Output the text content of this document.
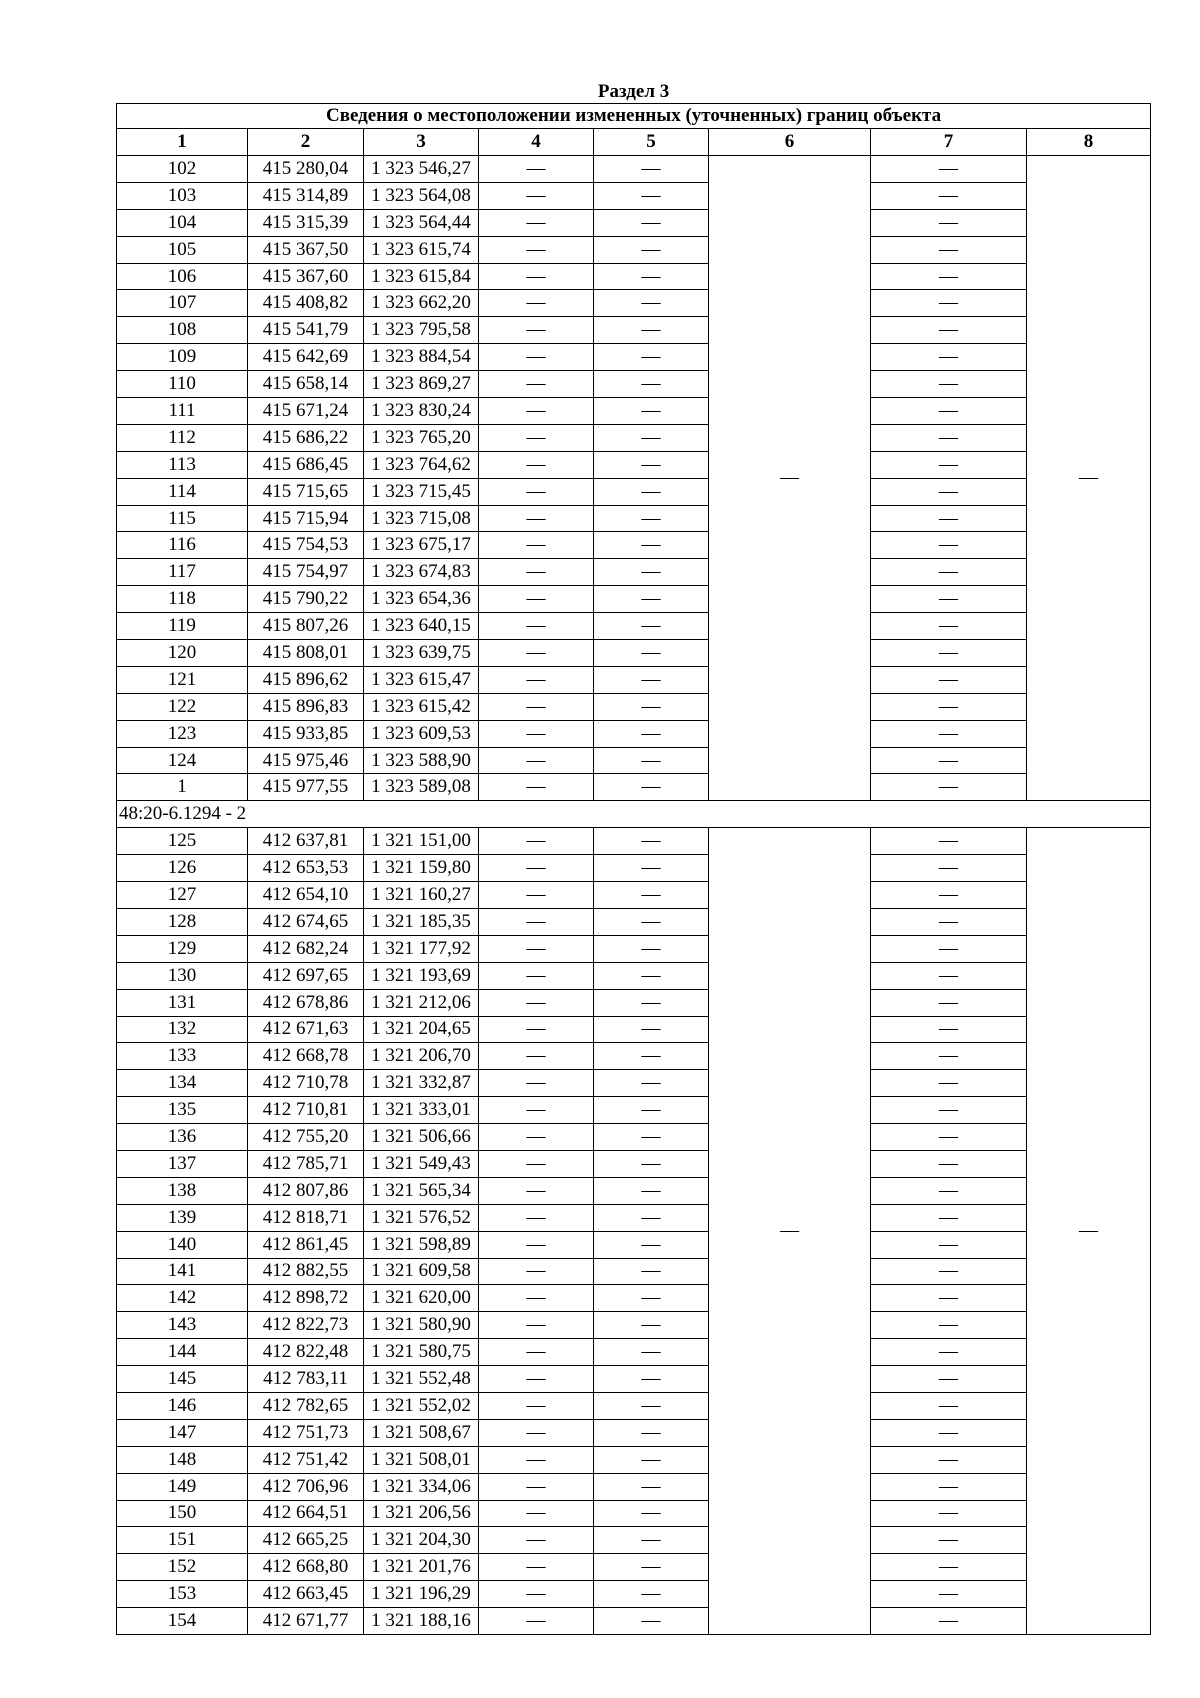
Раздел 3							
Сведения о местоположении измененных (уточненных) границ объекта							
1	2	3	4	5	6	7	8
102	415 280,04	1 323 546,27	—	—	—	—	—
103	415 314,89	1 323 564,08	—	—		—	
104	415 315,39	1 323 564,44	—	—		—	
105	415 367,50	1 323 615,74	—	—		—	
106	415 367,60	1 323 615,84	—	—		—	
107	415 408,82	1 323 662,20	—	—		—	
108	415 541,79	1 323 795,58	—	—		—	
109	415 642,69	1 323 884,54	—	—		—	
110	415 658,14	1 323 869,27	—	—		—	
111	415 671,24	1 323 830,24	—	—		—	
112	415 686,22	1 323 765,20	—	—		—	
113	415 686,45	1 323 764,62	—	—		—	
114	415 715,65	1 323 715,45	—	—		—	
115	415 715,94	1 323 715,08	—	—		—	
116	415 754,53	1 323 675,17	—	—		—	
117	415 754,97	1 323 674,83	—	—		—	
118	415 790,22	1 323 654,36	—	—		—	
119	415 807,26	1 323 640,15	—	—		—	
120	415 808,01	1 323 639,75	—	—		—	
121	415 896,62	1 323 615,47	—	—		—	
122	415 896,83	1 323 615,42	—	—		—	
123	415 933,85	1 323 609,53	—	—		—	
124	415 975,46	1 323 588,90	—	—		—	
1	415 977,55	1 323 589,08	—	—		—	
48:20-6.1294 - 2							
125	412 637,81	1 321 151,00	—	—	—	—	—
126	412 653,53	1 321 159,80	—	—		—	
127	412 654,10	1 321 160,27	—	—		—	
128	412 674,65	1 321 185,35	—	—		—	
129	412 682,24	1 321 177,92	—	—		—	
130	412 697,65	1 321 193,69	—	—		—	
131	412 678,86	1 321 212,06	—	—		—	
132	412 671,63	1 321 204,65	—	—		—	
133	412 668,78	1 321 206,70	—	—		—	
134	412 710,78	1 321 332,87	—	—		—	
135	412 710,81	1 321 333,01	—	—		—	
136	412 755,20	1 321 506,66	—	—		—	
137	412 785,71	1 321 549,43	—	—		—	
138	412 807,86	1 321 565,34	—	—		—	
139	412 818,71	1 321 576,52	—	—		—	
140	412 861,45	1 321 598,89	—	—		—	
141	412 882,55	1 321 609,58	—	—		—	
142	412 898,72	1 321 620,00	—	—		—	
143	412 822,73	1 321 580,90	—	—		—	
144	412 822,48	1 321 580,75	—	—		—	
145	412 783,11	1 321 552,48	—	—		—	
146	412 782,65	1 321 552,02	—	—		—	
147	412 751,73	1 321 508,67	—	—		—	
148	412 751,42	1 321 508,01	—	—		—	
149	412 706,96	1 321 334,06	—	—		—	
150	412 664,51	1 321 206,56	—	—		—	
151	412 665,25	1 321 204,30	—	—		—	
152	412 668,80	1 321 201,76	—	—		—	
153	412 663,45	1 321 196,29	—	—		—	
154	412 671,77	1 321 188,16	—	—		—	
